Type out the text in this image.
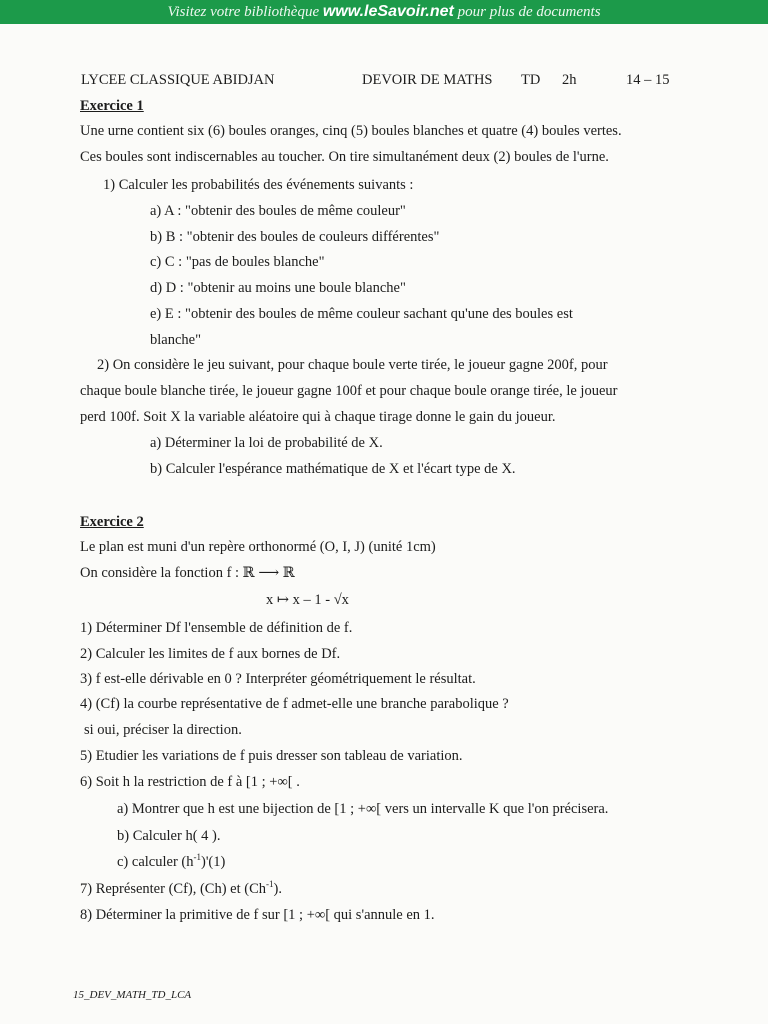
Visitez votre bibliothèque www.leSavoir.net pour plus de documents
LYCEE CLASSIQUE ABIDJAN	DEVOIR DE MATHS TD 2h	14 – 15
Exercice 1
Une urne contient six (6) boules oranges, cinq (5) boules blanches et quatre (4) boules vertes.
Ces boules sont indiscernables au toucher. On tire simultanément deux (2) boules de l'urne.
1) Calculer les probabilités des événements suivants :
a) A : "obtenir des boules de même couleur"
b) B : "obtenir des boules de couleurs différentes"
c) C : "pas de boules blanche"
d) D : "obtenir au moins une boule blanche"
e) E : "obtenir des boules de même couleur sachant qu'une des boules est
blanche"
2) On considère le jeu suivant, pour chaque boule verte tirée, le joueur gagne 200f, pour
chaque boule blanche tirée, le joueur gagne 100f et pour chaque boule orange tirée, le joueur
perd 100f. Soit X la variable aléatoire qui à chaque tirage donne le gain du joueur.
a) Déterminer la loi de probabilité de X.
b) Calculer l'espérance mathématique de X et l'écart type de X.
Exercice 2
Le plan est muni d'un repère orthonormé (O, I, J) (unité 1cm)
On considère la fonction f : ℝ ⟶ ℝ
x ↦ x – 1 - √x
1) Déterminer Df l'ensemble de définition de f.
2) Calculer les limites de f aux bornes de Df.
3) f est-elle dérivable en 0 ? Interpréter géométriquement le résultat.
4) (Cf) la courbe représentative de f admet-elle une branche parabolique ?
si oui, préciser la direction.
5) Etudier les variations de f puis dresser son tableau de variation.
6) Soit h la restriction de f à [1 ; +∞[ .
a) Montrer que h est une bijection de [1 ; +∞[ vers un intervalle K que l'on précisera.
b) Calculer h( 4 ).
c) calculer $(h^{-1})'(1)$
7) Représenter (Cf), (Ch) et $(Ch^{-1})$.
8) Déterminer la primitive de f sur [1 ; +∞[ qui s'annule en 1.
15_DEV_MATH_TD_LCA
